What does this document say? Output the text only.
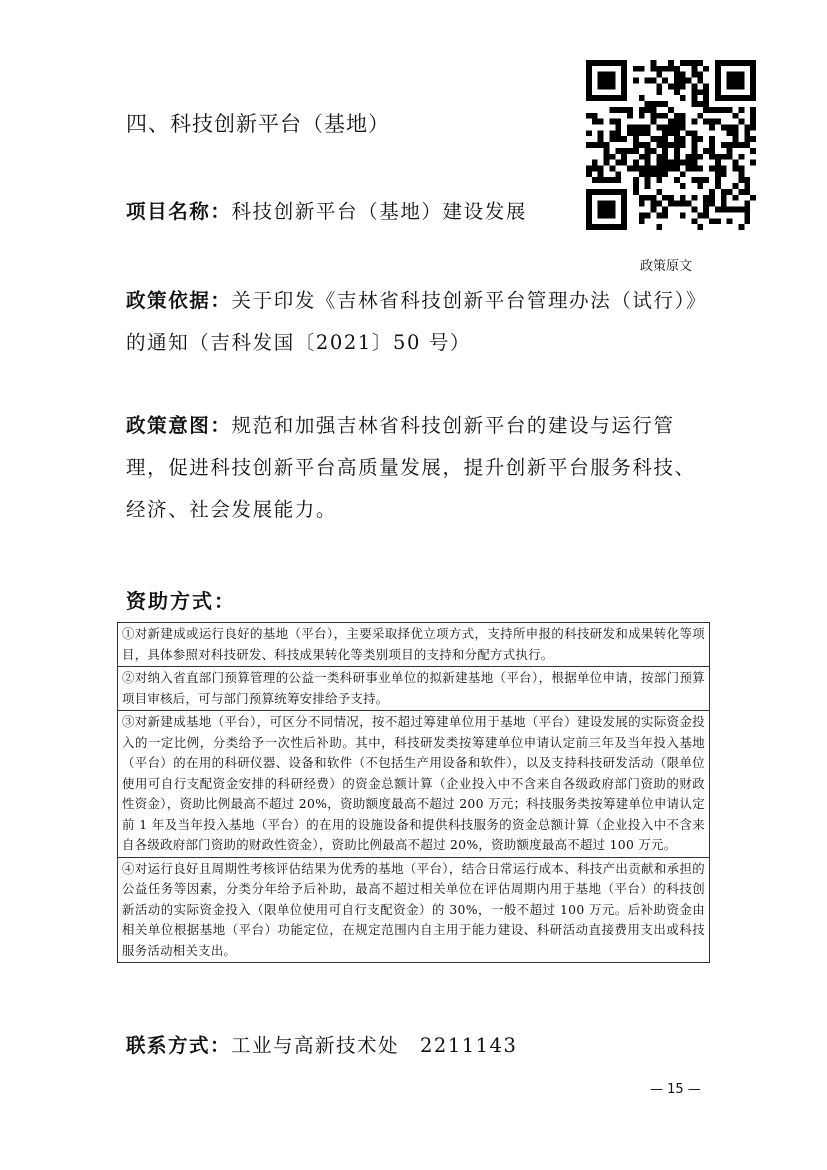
四、科技创新平台（基地）
项目名称：科技创新平台（基地）建设发展
政策原文
政策依据：关于印发《吉林省科技创新平台管理办法（试行）》
的通知（吉科发国〔2021〕50 号）
政策意图：规范和加强吉林省科技创新平台的建设与运行管
理，促进科技创新平台高质量发展，提升创新平台服务科技、
经济、社会发展能力。
资助方式：
①对新建成或运行良好的基地（平台），主要采取择优立项方式，支持所申报的科技研发和成果转化等项目，具体参照对科技研发、科技成果转化等类别项目的支持和分配方式执行。
②对纳入省直部门预算管理的公益一类科研事业单位的拟新建基地（平台），根据单位申请，按部门预算项目审核后，可与部门预算统筹安排给予支持。
③对新建成基地（平台），可区分不同情况，按不超过筹建单位用于基地（平台）建设发展的实际资金投入的一定比例，分类给予一次性后补助。其中，科技研发类按筹建单位申请认定前三年及当年投入基地（平台）的在用的科研仪器、设备和软件（不包括生产用设备和软件），以及支持科技研发活动（限单位使用可自行支配资金安排的科研经费）的资金总额计算（企业投入中不含来自各级政府部门资助的财政性资金），资助比例最高不超过 20%，资助额度最高不超过 200 万元；科技服务类按筹建单位申请认定前 1 年及当年投入基地（平台）的在用的设施设备和提供科技服务的资金总额计算（企业投入中不含来自各级政府部门资助的财政性资金），资助比例最高不超过 20%，资助额度最高不超过 100 万元。
④对运行良好且周期性考核评估结果为优秀的基地（平台），结合日常运行成本、科技产出贡献和承担的公益任务等因素，分类分年给予后补助，最高不超过相关单位在评估周期内用于基地（平台）的科技创新活动的实际资金投入（限单位使用可自行支配资金）的 30%，一般不超过 100 万元。后补助资金由相关单位根据基地（平台）功能定位，在规定范围内自主用于能力建设、科研活动直接费用支出或科技服务活动相关支出。
联系方式：工业与高新技术处　2211143
— 15 —
